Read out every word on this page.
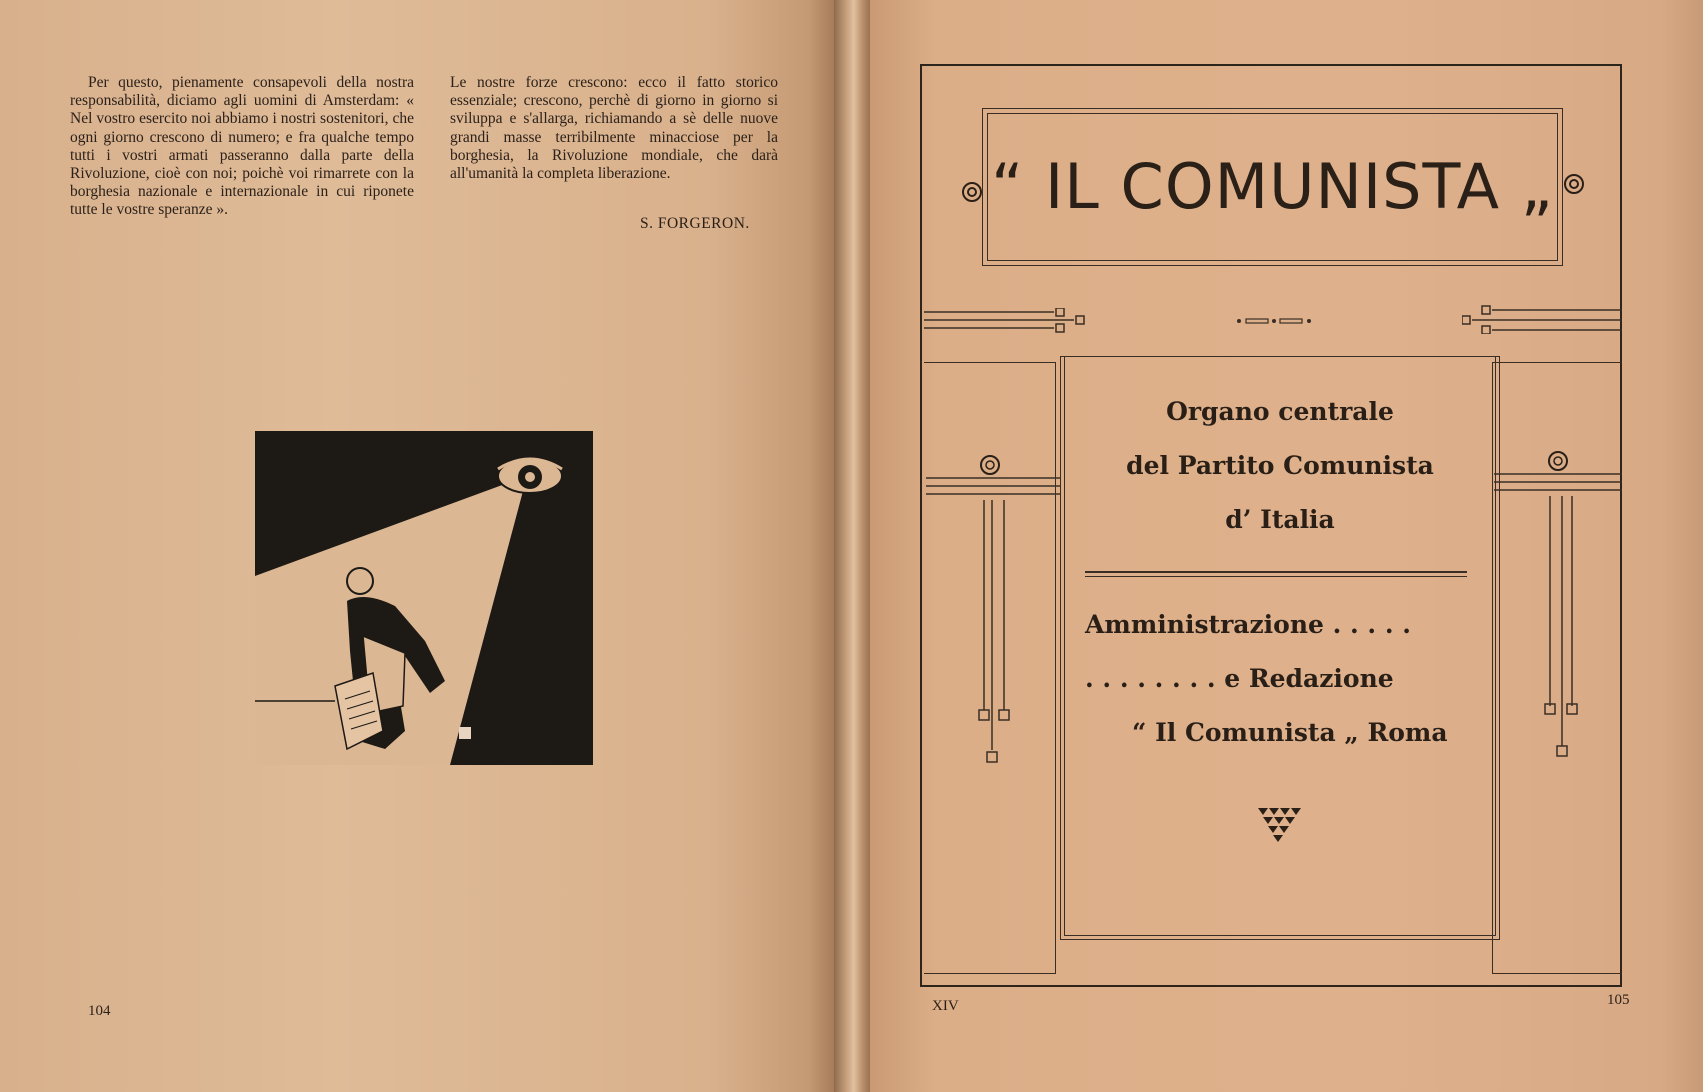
Per questo, pienamente consapevoli della nostra responsabilità, diciamo agli uomini di Amsterdam: « Nel vostro esercito noi abbiamo i nostri sostenitori, che ogni giorno crescono di numero; e fra qualche tempo tutti i vostri armati passeranno dalla parte della Rivoluzione, cioè con noi; poichè voi rimarrete con la borghesia nazionale e internazionale in cui riponete tutte le vostre speranze ».
Le nostre forze crescono: ecco il fatto storico essenziale; crescono, perchè di giorno in giorno si sviluppa e s'allarga, richiamando a sè delle nuove grandi masse terribilmente minacciose per la borghesia, la Rivoluzione mondiale, che darà all'umanità la completa liberazione.
S. FORGERON.
104
“ IL COMUNISTA „
Organo centrale
del Partito Comunista
d’ Italia
Amministrazione . . . . .
. . . . . . . . e Redazione
“ Il Comunista „ Roma
XIV	105
